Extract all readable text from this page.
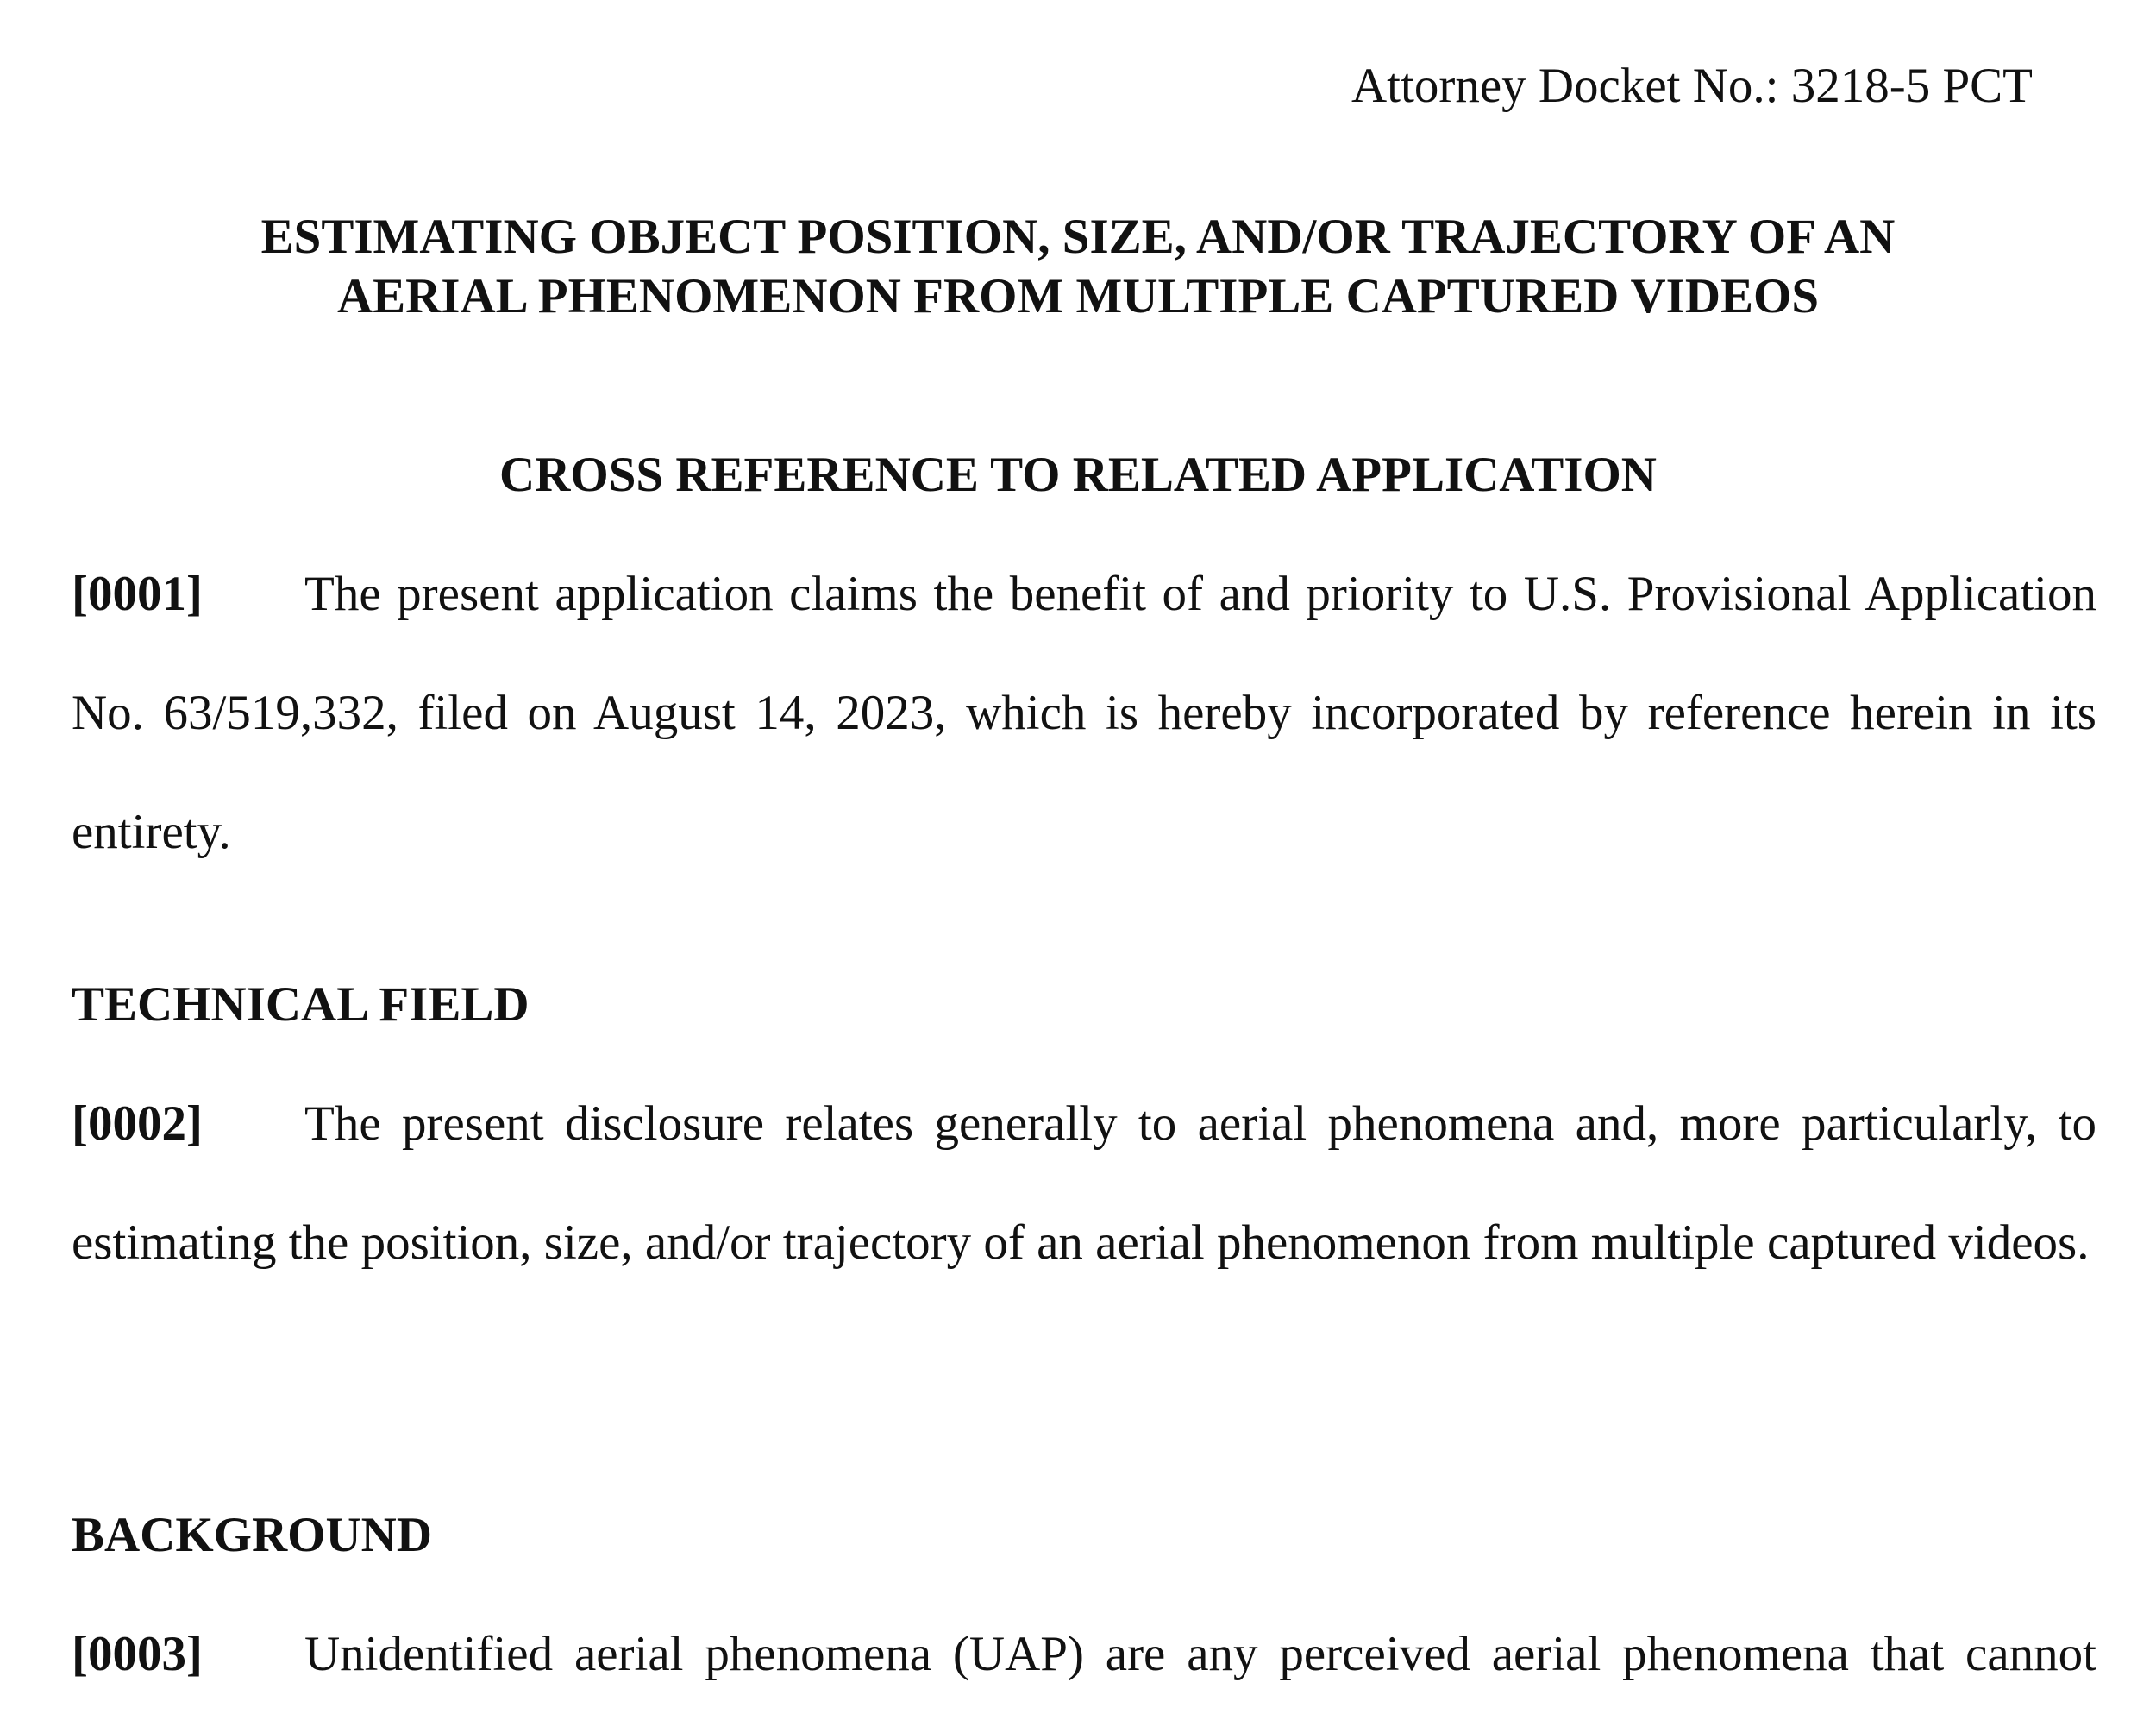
Attorney Docket No.: 3218-5 PCT
ESTIMATING OBJECT POSITION, SIZE, AND/OR TRAJECTORY OF AN
AERIAL PHENOMENON FROM MULTIPLE CAPTURED VIDEOS
CROSS REFERENCE TO RELATED APPLICATION
[0001] The present application claims the benefit of and priority to U.S. Provisional Application No. 63/519,332, filed on August 14, 2023, which is hereby incorporated by reference herein in its entirety.
TECHNICAL FIELD
[0002] The present disclosure relates generally to aerial phenomena and, more particularly, to estimating the position, size, and/or trajectory of an aerial phenomenon from multiple captured videos.
BACKGROUND
[0003] Unidentified aerial phenomena (UAP) are any perceived aerial phenomena that cannot
